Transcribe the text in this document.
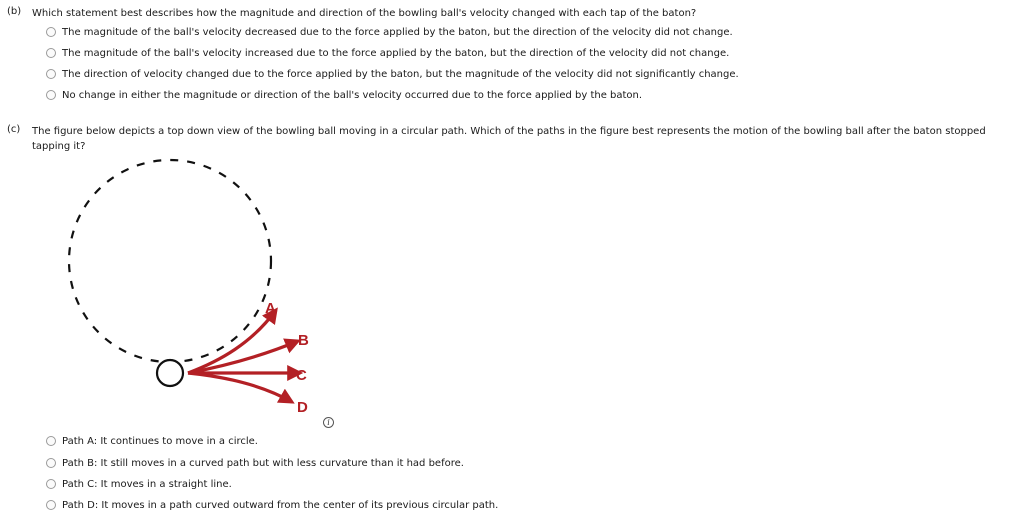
(b) Which statement best describes how the magnitude and direction of the bowling ball's velocity changed with each tap of the baton?
The magnitude of the ball's velocity decreased due to the force applied by the baton, but the direction of the velocity did not change.
The magnitude of the ball's velocity increased due to the force applied by the baton, but the direction of the velocity did not change.
The direction of velocity changed due to the force applied by the baton, but the magnitude of the velocity did not significantly change.
No change in either the magnitude or direction of the ball's velocity occurred due to the force applied by the baton.
(c) The figure below depicts a top down view of the bowling ball moving in a circular path. Which of the paths in the figure best represents the motion of the bowling ball after the baton stopped tapping it?
A
B
C
D
i
Path A: It continues to move in a circle.
Path B: It still moves in a curved path but with less curvature than it had before.
Path C: It moves in a straight line.
Path D: It moves in a path curved outward from the center of its previous circular path.
